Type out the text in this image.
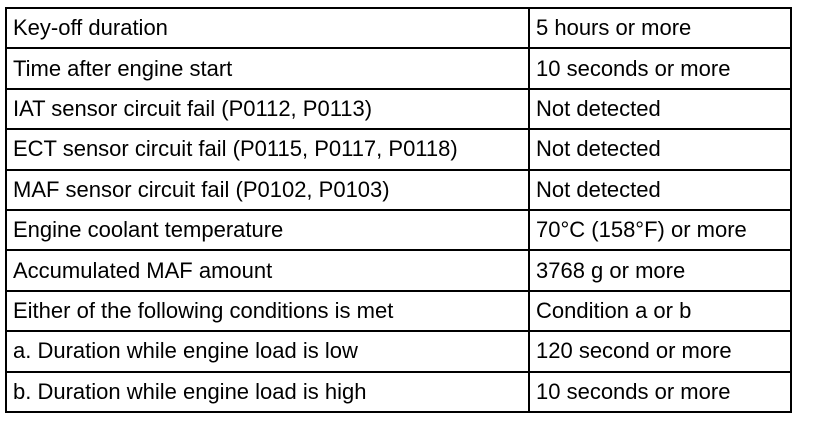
Key-off duration	5 hours or more
Time after engine start	10 seconds or more
IAT sensor circuit fail (P0112, P0113)	Not detected
ECT sensor circuit fail (P0115, P0117, P0118)	Not detected
MAF sensor circuit fail (P0102, P0103)	Not detected
Engine coolant temperature	70°C (158°F) or more
Accumulated MAF amount	3768 g or more
Either of the following conditions is met	Condition a or b
a. Duration while engine load is low	120 second or more
b. Duration while engine load is high	10 seconds or more
